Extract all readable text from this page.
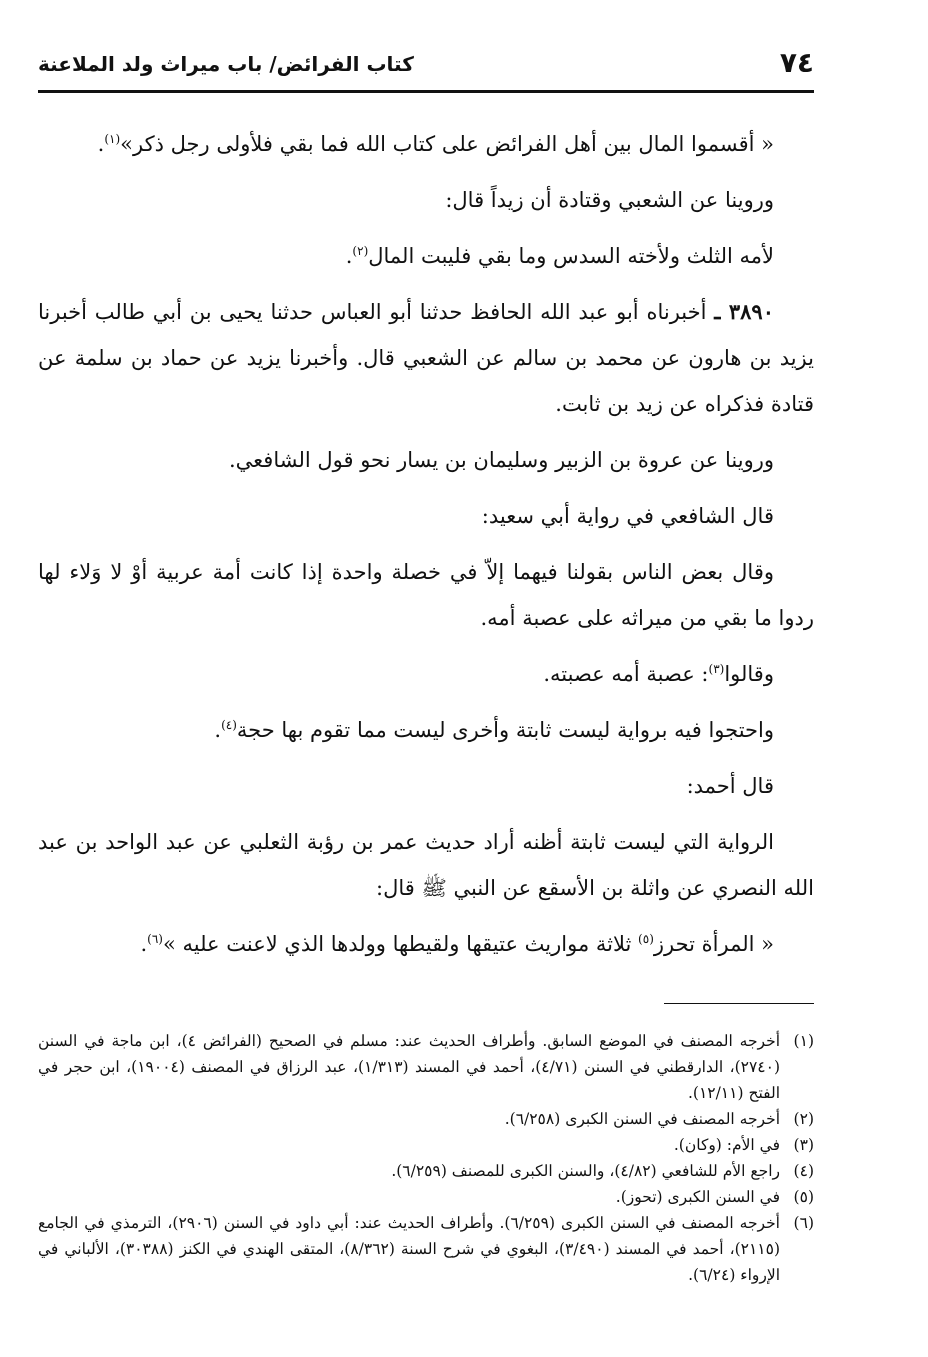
٧٤
كتاب الفرائض/ باب ميراث ولد الملاعنة

« أقسموا المال بين أهل الفرائض على كتاب الله فما بقي فلأولى رجل ذكر»$^{(١)}$.

وروينا عن الشعبي وقتادة أن زيداً قال:

لأمه الثلث ولأخته السدس وما بقي فليبت المال$^{(٢)}$.

٣٨٩٠ ـ أخبرناه أبو عبد الله الحافظ حدثنا أبو العباس حدثنا يحيى بن أبي طالب أخبرنا يزيد بن هارون عن محمد بن سالم عن الشعبي قال. وأخبرنا يزيد عن حماد بن سلمة عن قتادة فذكراه عن زيد بن ثابت.

وروينا عن عروة بن الزبير وسليمان بن يسار نحو قول الشافعي.

قال الشافعي في رواية أبي سعيد:

وقال بعض الناس بقولنا فيهما إلاّ في خصلة واحدة إذا كانت أمة عربية أوْ لا وَلاء لها ردوا ما بقي من ميراثه على عصبة أمه.

وقالوا$^{(٣)}$: عصبة أمه عصبته.

واحتجوا فيه برواية ليست ثابتة وأخرى ليست مما تقوم بها حجة$^{(٤)}$.

قال أحمد:

الرواية التي ليست ثابتة أظنه أراد حديث عمر بن رؤبة الثعلبي عن عبد الواحد بن عبد الله النصري عن واثلة بن الأسقع عن النبي ﷺ قال:

« المرأة تحرز$^{(٥)}$ ثلاثة مواريث عتيقها ولقيطها وولدها الذي لاعنت عليه »$^{(٦)}$.

(١)
أخرجه المصنف في الموضع السابق. وأطراف الحديث عند: مسلم في الصحيح (الفرائض ٤)، ابن ماجة في السنن (٢٧٤٠)، الدارقطني في السنن (٤/٧١)، أحمد في المسند (١/٣١٣)، عبد الرزاق في المصنف (١٩٠٠٤)، ابن حجر في الفتح (١٢/١١).
(٢)
أخرجه المصنف في السنن الكبرى (٦/٢٥٨).
(٣)
في الأم: (وكان).
(٤)
راجع الأم للشافعي (٤/٨٢)، والسنن الكبرى للمصنف (٦/٢٥٩).
(٥)
في السنن الكبرى (تحوز).
(٦)
أخرجه المصنف في السنن الكبرى (٦/٢٥٩). وأطراف الحديث عند: أبي داود في السنن (٢٩٠٦)، الترمذي في الجامع (٢١١٥)، أحمد في المسند (٣/٤٩٠)، البغوي في شرح السنة (٨/٣٦٢)، المتقى الهندي في الكنز (٣٠٣٨٨)، الألباني في الإرواء (٦/٢٤).
